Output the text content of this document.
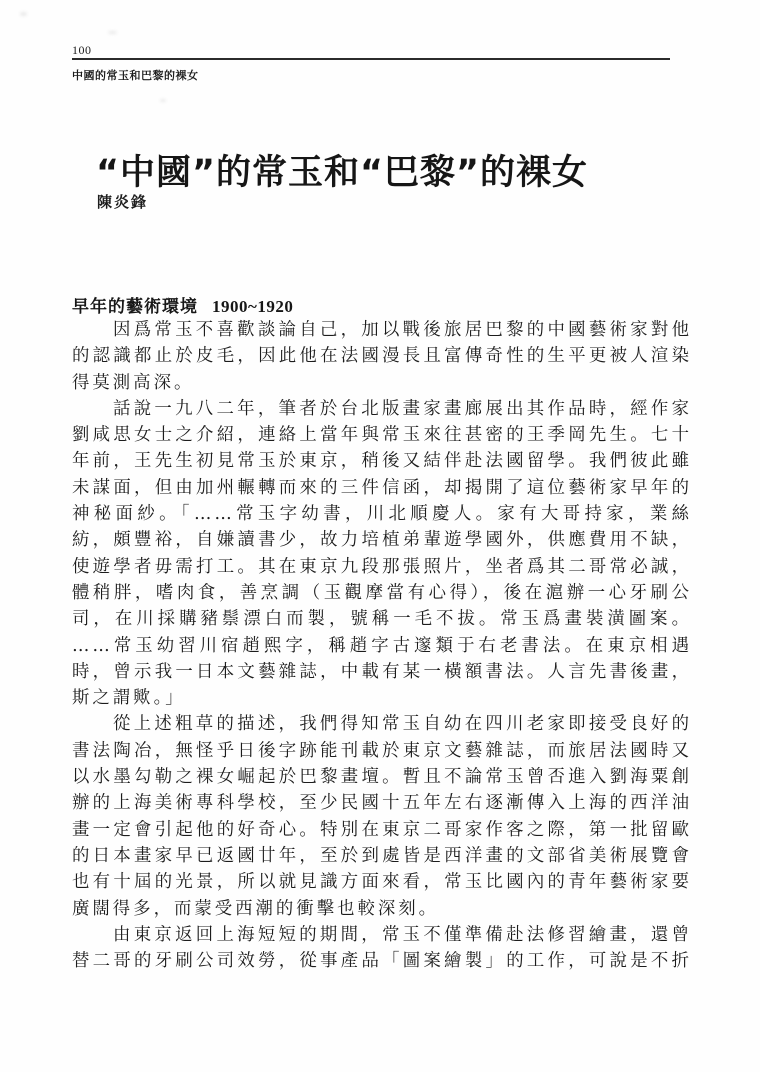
100
中國的常玉和巴黎的裸女
“中國”的常玉和“巴黎”的裸女
陳炎鋒
早年的藝術環境 1900~1920
因爲常玉不喜歡談論自己，加以戰後旅居巴黎的中國藝術家對他
的認識都止於皮毛，因此他在法國漫長且富傳奇性的生平更被人渲染
得莫測高深。
話說一九八二年，筆者於台北版畫家畫廊展出其作品時，經作家
劉咸思女士之介紹，連絡上當年與常玉來往甚密的王季岡先生。七十
年前，王先生初見常玉於東京，稍後又結伴赴法國留學。我們彼此雖
未謀面，但由加州輾轉而來的三件信函，却揭開了這位藝術家早年的
神秘面紗。「……常玉字幼書，川北順慶人。家有大哥持家，業絲
紡，頗豐裕，自嫌讀書少，故力培植弟輩遊學國外，供應費用不缺，
使遊學者毋需打工。其在東京九段那張照片，坐者爲其二哥常必誠，
體稍胖，嗜肉食，善烹調（玉觀摩當有心得），後在滬辦一心牙刷公
司，在川採購豬鬃漂白而製，號稱一毛不拔。常玉爲畫裝潢圖案。
……常玉幼習川宿趙熙字，稱趙字古邃類于右老書法。在東京相遇
時，曾示我一日本文藝雜誌，中載有某一橫額書法。人言先書後畫，
斯之謂歟。」
從上述粗草的描述，我們得知常玉自幼在四川老家即接受良好的
書法陶冶，無怪乎日後字跡能刊載於東京文藝雜誌，而旅居法國時又
以水墨勾勒之裸女崛起於巴黎畫壇。暫且不論常玉曾否進入劉海粟創
辦的上海美術專科學校，至少民國十五年左右逐漸傳入上海的西洋油
畫一定會引起他的好奇心。特別在東京二哥家作客之際，第一批留歐
的日本畫家早已返國廿年，至於到處皆是西洋畫的文部省美術展覽會
也有十屆的光景，所以就見識方面來看，常玉比國內的青年藝術家要
廣闊得多，而蒙受西潮的衝擊也較深刻。
由東京返回上海短短的期間，常玉不僅準備赴法修習繪畫，還曾
替二哥的牙刷公司效勞，從事產品「圖案繪製」的工作，可說是不折
